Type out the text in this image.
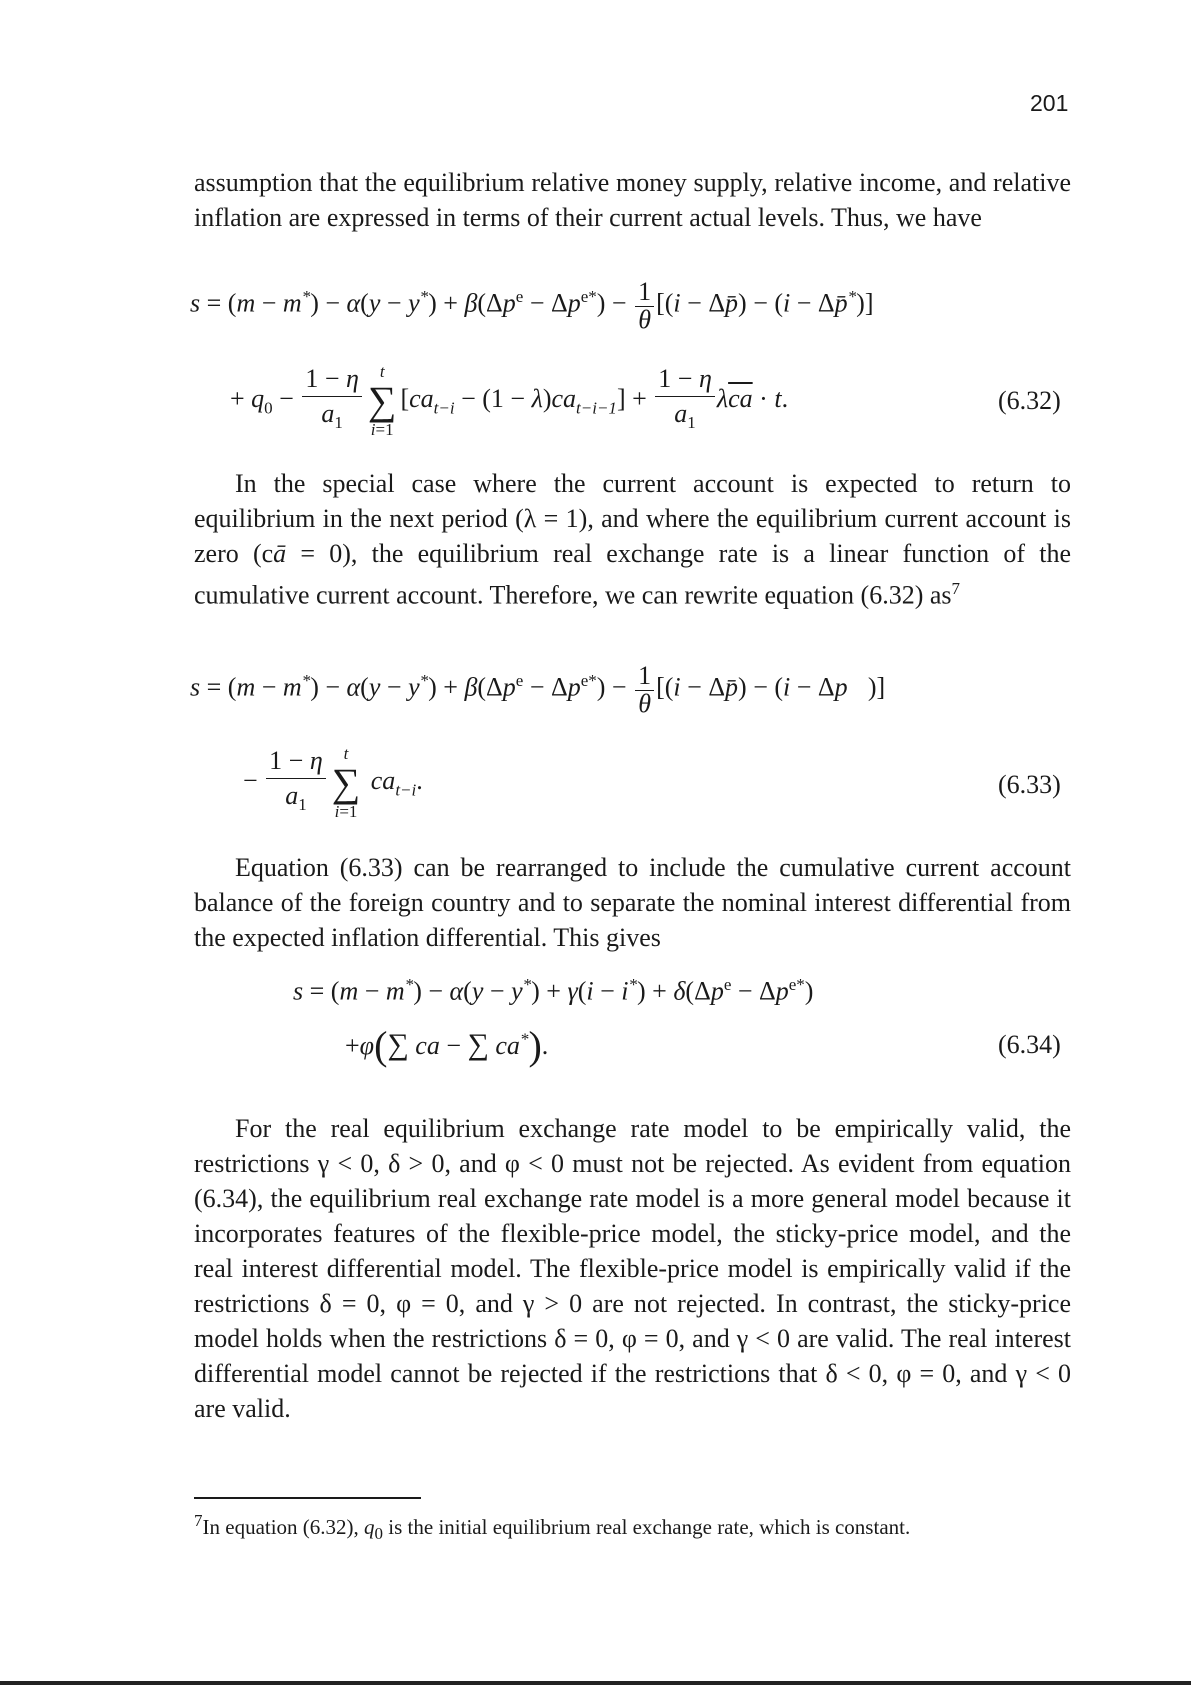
201

assumption that the equilibrium relative money supply, relative income, and relative inflation are expressed in terms of their current actual levels. Thus, we have

$s = (m - m^*) - \alpha(y - y^*) + \beta(\Delta p^e - \Delta p^{e*}) - \frac{1}{\theta} [(i$ − Δp̄) − (i − Δp̄*)]
+ $q_0 - \frac{1 - \eta}{a_1}$	t
∑
i=1
$[ca_{t-i} - (1 - \lambda)ca_{t-i-1}] + \frac{1 - \eta}{a_1} \lambda\overline{ca} \cdot t$.	(6.32)

In the special case where the current account is expected to return to equilibrium in the next period (λ = 1), and where the equilibrium current account is zero (cā = 0), the equilibrium real exchange rate is a linear function of the cumulative current account. Therefore, we can rewrite equation (6.32) $as^7$

$s = (m - m^*) - \alpha(y - y^*) + \beta(\Delta p^e - \Delta p^{e*}) - \frac{1}{\theta} [(i$ − Δp̄) − (i − Δp⃗)]
− $\frac{1 - \eta}{a_1}$	t
∑
i=1
$ca_{t-i}$.	(6.33)

Equation (6.33) can be rearranged to include the cumulative current account balance of the foreign country and to separate the nominal interest differential from the expected inflation differential. This gives

$s = (m - m^*) - \alpha(y - y^*) + \gamma(i - i^*) + \delta(\Delta p^e - \Delta p^{e*})$
+φ(∑ ca − ∑ ca*).	(6.34)

For the real equilibrium exchange rate model to be empirically valid, the restrictions γ < 0, δ > 0, and φ < 0 must not be rejected. As evident from equation (6.34), the equilibrium real exchange rate model is a more general model because it incorporates features of the flexible-price model, the sticky-price model, and the real interest differential model. The flexible-price model is empirically valid if the restrictions δ = 0, φ = 0, and γ > 0 are not rejected. In contrast, the sticky-price model holds when the restrictions δ = 0, φ = 0, and γ < 0 are valid. The real interest differential model cannot be rejected if the restrictions that δ < 0, φ = 0, and γ < 0 are valid.

$^7$In equation (6.32), $q_0$ is the initial equilibrium real exchange rate, which is constant.
